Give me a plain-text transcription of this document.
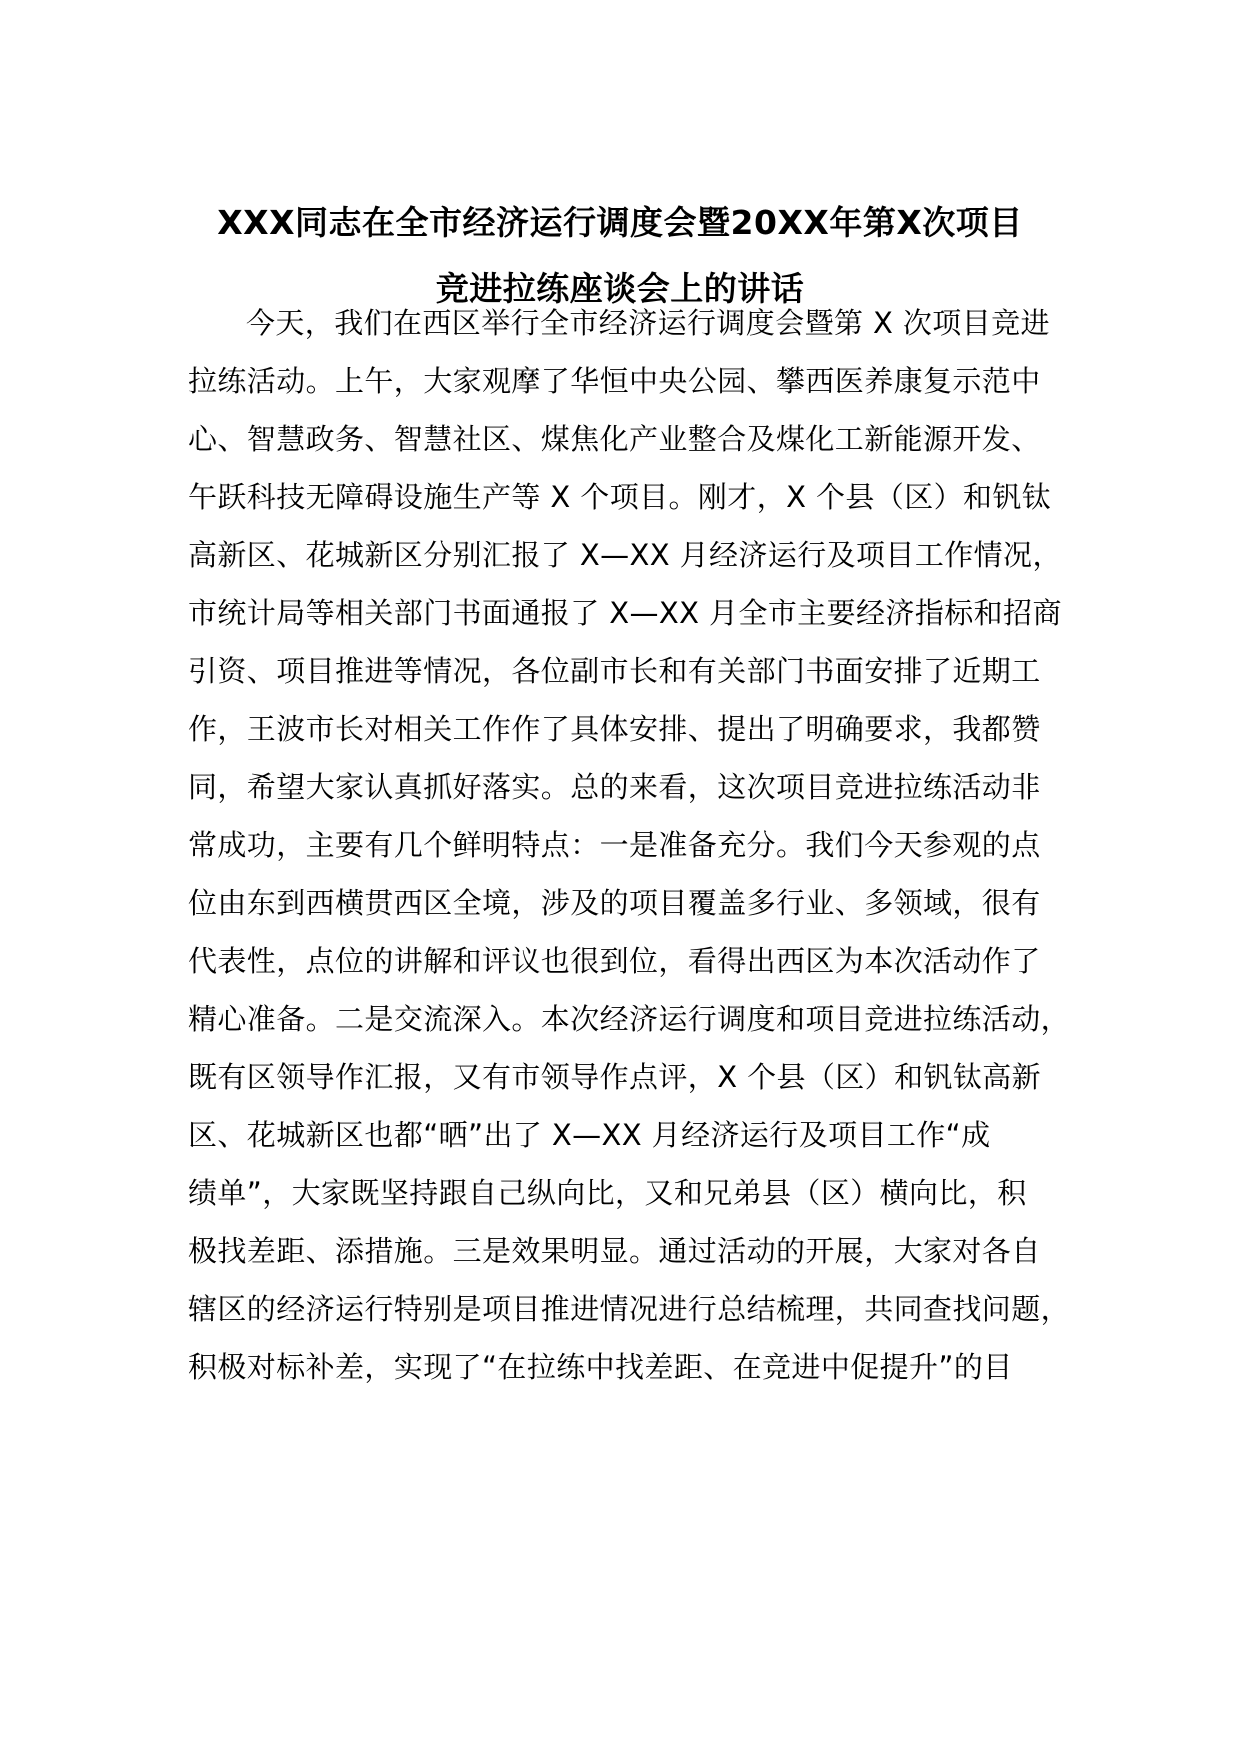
XXX同志在全市经济运行调度会暨20XX年第X次项目
竞进拉练座谈会上的讲话

今天，我们在西区举行全市经济运行调度会暨第 X 次项目竞进

拉练活动。上午，大家观摩了华恒中央公园、攀西医养康复示范中

心、智慧政务、智慧社区、煤焦化产业整合及煤化工新能源开发、

午跃科技无障碍设施生产等 X 个项目。刚才，X 个县（区）和钒钛

高新区、花城新区分别汇报了 X—XX 月经济运行及项目工作情况，

市统计局等相关部门书面通报了 X—XX 月全市主要经济指标和招商

引资、项目推进等情况，各位副市长和有关部门书面安排了近期工

作，王波市长对相关工作作了具体安排、提出了明确要求，我都赞

同，希望大家认真抓好落实。总的来看，这次项目竞进拉练活动非

常成功，主要有几个鲜明特点：一是准备充分。我们今天参观的点

位由东到西横贯西区全境，涉及的项目覆盖多行业、多领域，很有

代表性，点位的讲解和评议也很到位，看得出西区为本次活动作了

精心准备。二是交流深入。本次经济运行调度和项目竞进拉练活动，

既有区领导作汇报，又有市领导作点评，X 个县（区）和钒钛高新

区、花城新区也都“晒”出了 X—XX 月经济运行及项目工作“成

绩单”，大家既坚持跟自己纵向比，又和兄弟县（区）横向比，积

极找差距、添措施。三是效果明显。通过活动的开展，大家对各自

辖区的经济运行特别是项目推进情况进行总结梳理，共同查找问题，

积极对标补差，实现了“在拉练中找差距、在竞进中促提升”的目
